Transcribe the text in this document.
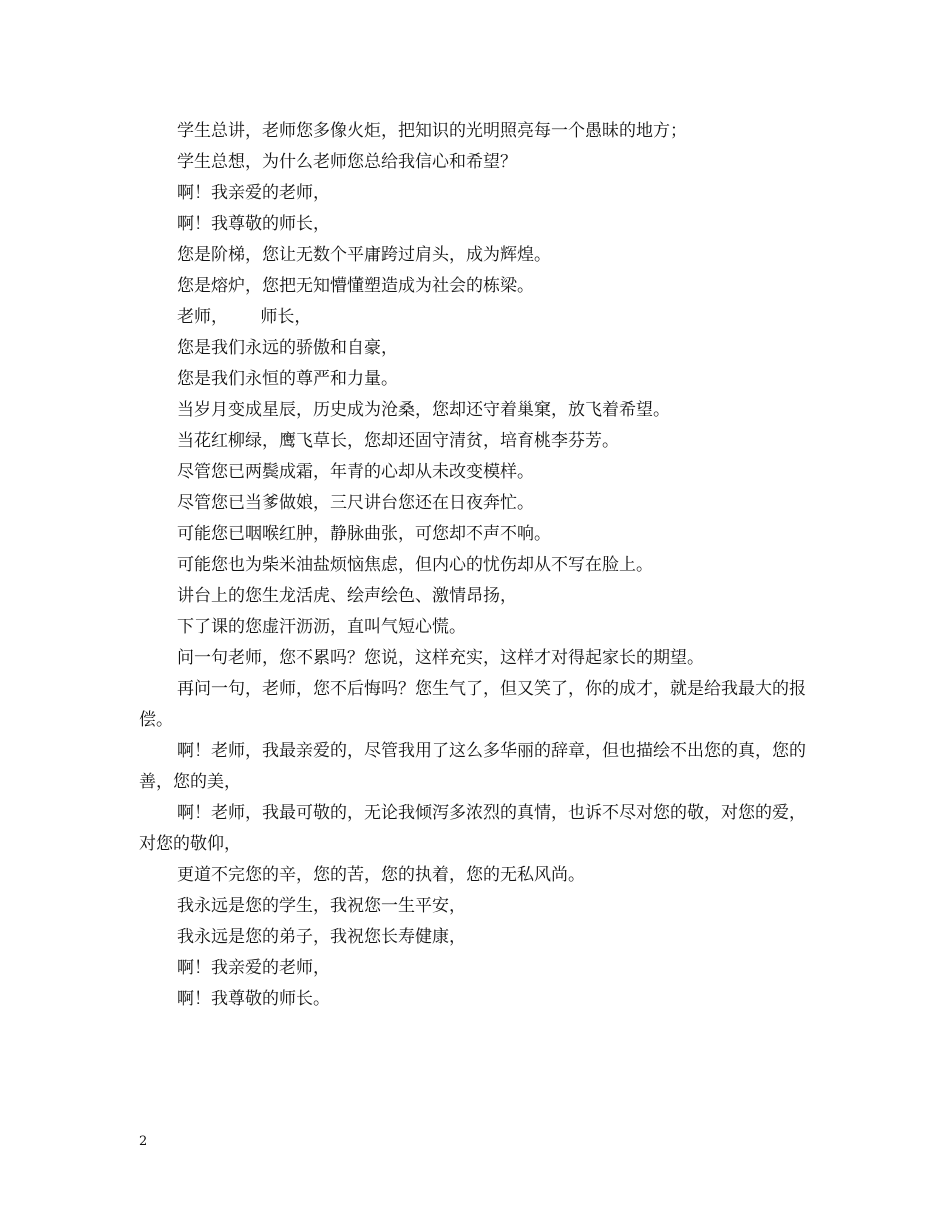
学生总讲，老师您多像火炬，把知识的光明照亮每一个愚昧的地方；

学生总想，为什么老师您总给我信心和希望？

啊！我亲爱的老师，

啊！我尊敬的师长，

您是阶梯，您让无数个平庸跨过肩头，成为辉煌。

您是熔炉，您把无知懵懂塑造成为社会的栋梁。

老师，      师长，

您是我们永远的骄傲和自豪，

您是我们永恒的尊严和力量。

当岁月变成星辰，历史成为沧桑，您却还守着巢窠，放飞着希望。

当花红柳绿，鹰飞草长，您却还固守清贫，培育桃李芬芳。

尽管您已两鬓成霜，年青的心却从未改变模样。

尽管您已当爹做娘，三尺讲台您还在日夜奔忙。

可能您已咽喉红肿，静脉曲张，可您却不声不响。

可能您也为柴米油盐烦恼焦虑，但内心的忧伤却从不写在脸上。

讲台上的您生龙活虎、绘声绘色、激情昂扬，

下了课的您虚汗沥沥，直叫气短心慌。

问一句老师，您不累吗？您说，这样充实，这样才对得起家长的期望。

再问一句，老师，您不后悔吗？您生气了，但又笑了，你的成才，就是给我最大的报偿。

啊！老师，我最亲爱的，尽管我用了这么多华丽的辞章，但也描绘不出您的真，您的善，您的美，

啊！老师，我最可敬的，无论我倾泻多浓烈的真情，也诉不尽对您的敬，对您的爱，对您的敬仰，

更道不完您的辛，您的苦，您的执着，您的无私风尚。

我永远是您的学生，我祝您一生平安，

我永远是您的弟子，我祝您长寿健康，

啊！我亲爱的老师，

啊！我尊敬的师长。

2
